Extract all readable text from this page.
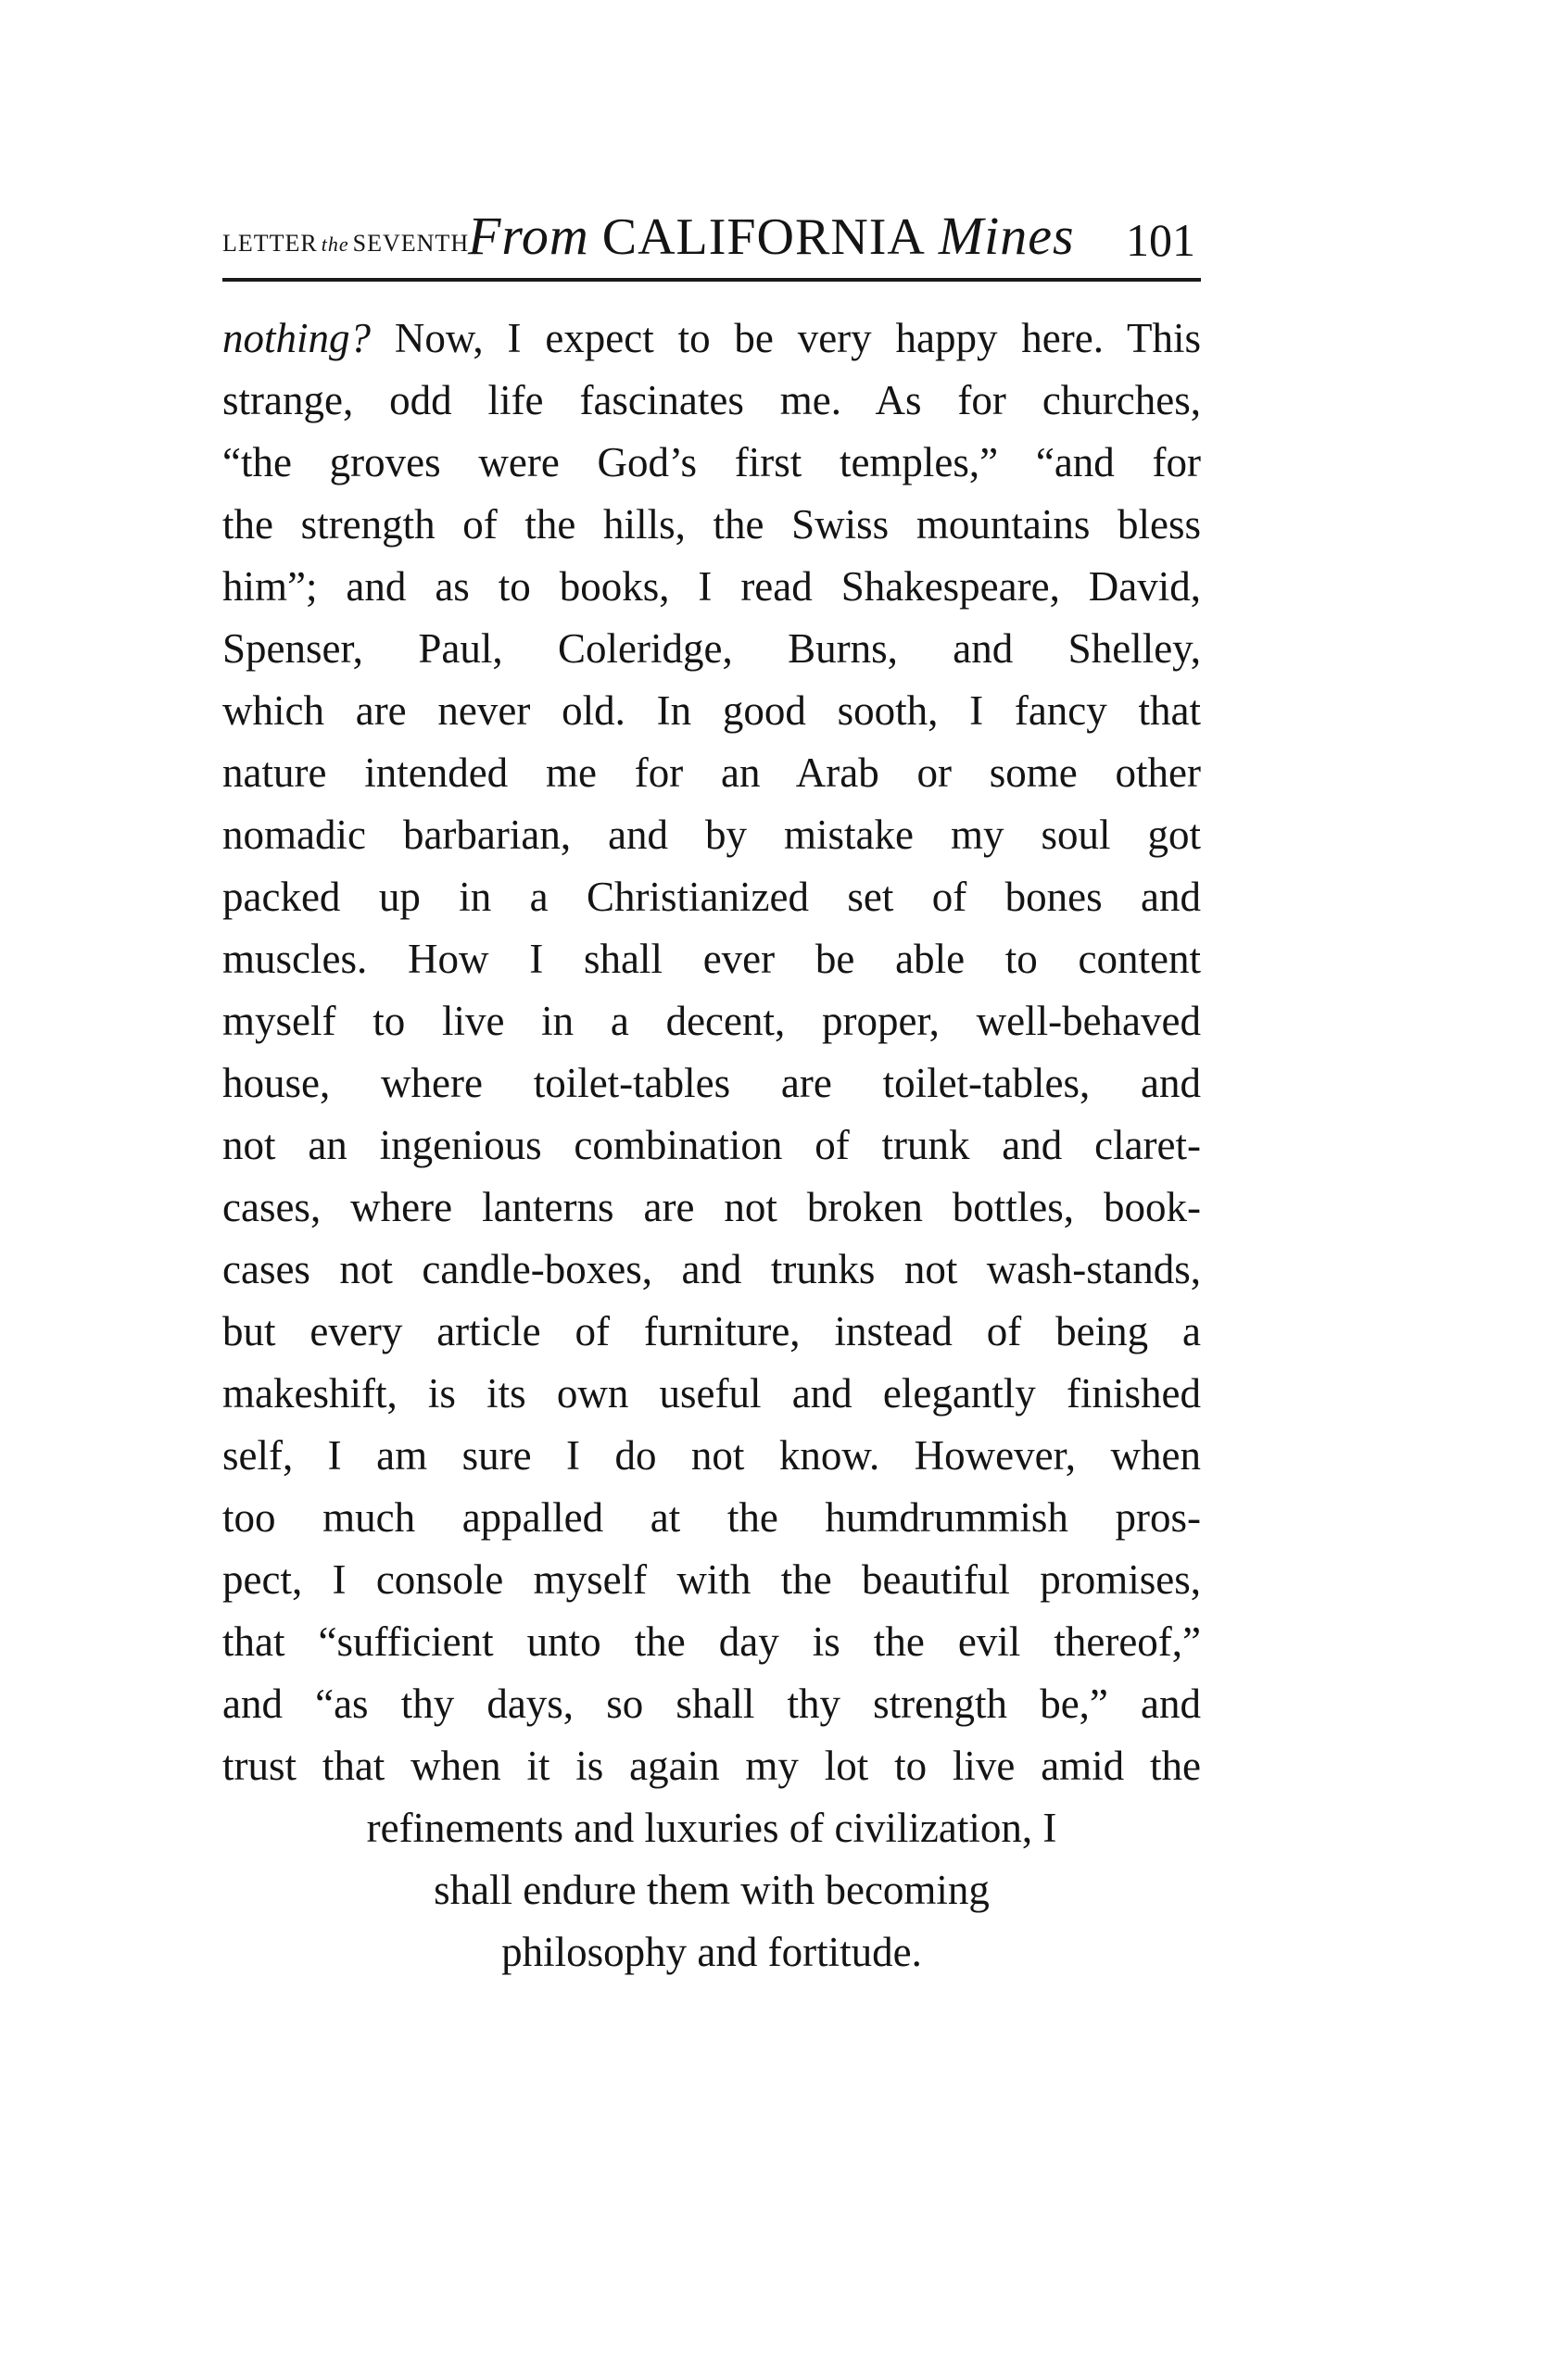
LETTER the SEVENTH
From CALIFORNIA Mines 101
nothing? Now, I expect to be very happy here. This
strange, odd life fascinates me. As for churches,
“the groves were God’s first temples,” “and for
the strength of the hills, the Swiss mountains bless
him”; and as to books, I read Shakespeare, David,
Spenser, Paul, Coleridge, Burns, and Shelley,
which are never old. In good sooth, I fancy that
nature intended me for an Arab or some other
nomadic barbarian, and by mistake my soul got
packed up in a Christianized set of bones and
muscles. How I shall ever be able to content
myself to live in a decent, proper, well-behaved
house, where toilet-tables are toilet-tables, and
not an ingenious combination of trunk and claret-
cases, where lanterns are not broken bottles, book-
cases not candle-boxes, and trunks not wash-stands,
but every article of furniture, instead of being a
makeshift, is its own useful and elegantly finished
self, I am sure I do not know. However, when
too much appalled at the humdrummish pros-
pect, I console myself with the beautiful promises,
that “sufficient unto the day is the evil thereof,”
and “as thy days, so shall thy strength be,” and
trust that when it is again my lot to live amid the
refinements and luxuries of civilization, I
shall endure them with becoming
philosophy and fortitude.
